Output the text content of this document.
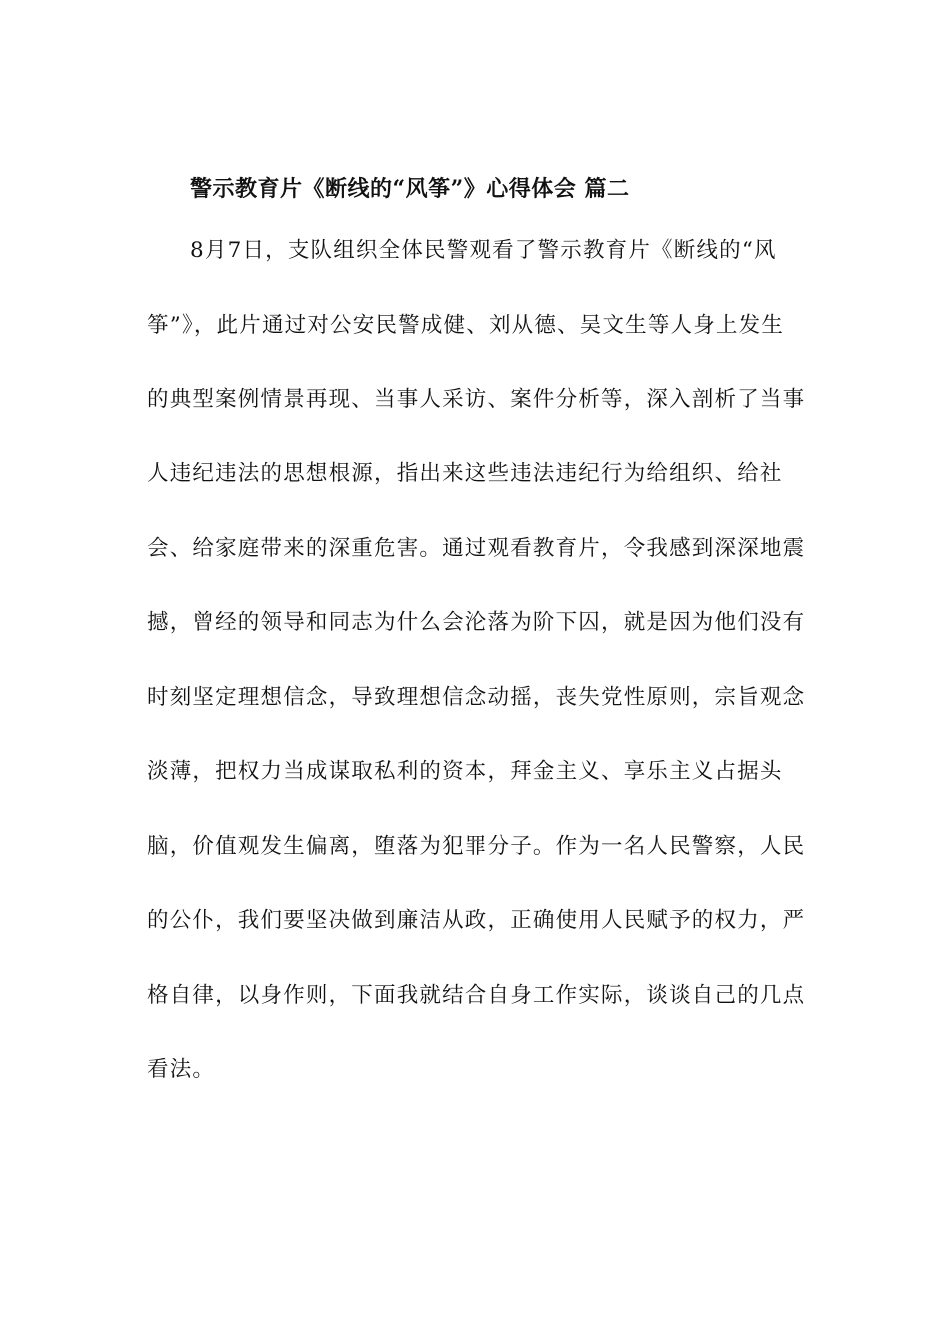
警示教育片《断线的“风筝”》心得体会 篇二
8月7日，支队组织全体民警观看了警示教育片《断线的“风
筝”》，此片通过对公安民警成健、刘从德、吴文生等人身上发生
的典型案例情景再现、当事人采访、案件分析等，深入剖析了当事
人违纪违法的思想根源，指出来这些违法违纪行为给组织、给社
会、给家庭带来的深重危害。通过观看教育片，令我感到深深地震
撼，曾经的领导和同志为什么会沦落为阶下囚，就是因为他们没有
时刻坚定理想信念，导致理想信念动摇，丧失党性原则，宗旨观念
淡薄，把权力当成谋取私利的资本，拜金主义、享乐主义占据头
脑，价值观发生偏离，堕落为犯罪分子。作为一名人民警察，人民
的公仆，我们要坚决做到廉洁从政，正确使用人民赋予的权力，严
格自律，以身作则，下面我就结合自身工作实际，谈谈自己的几点
看法。
